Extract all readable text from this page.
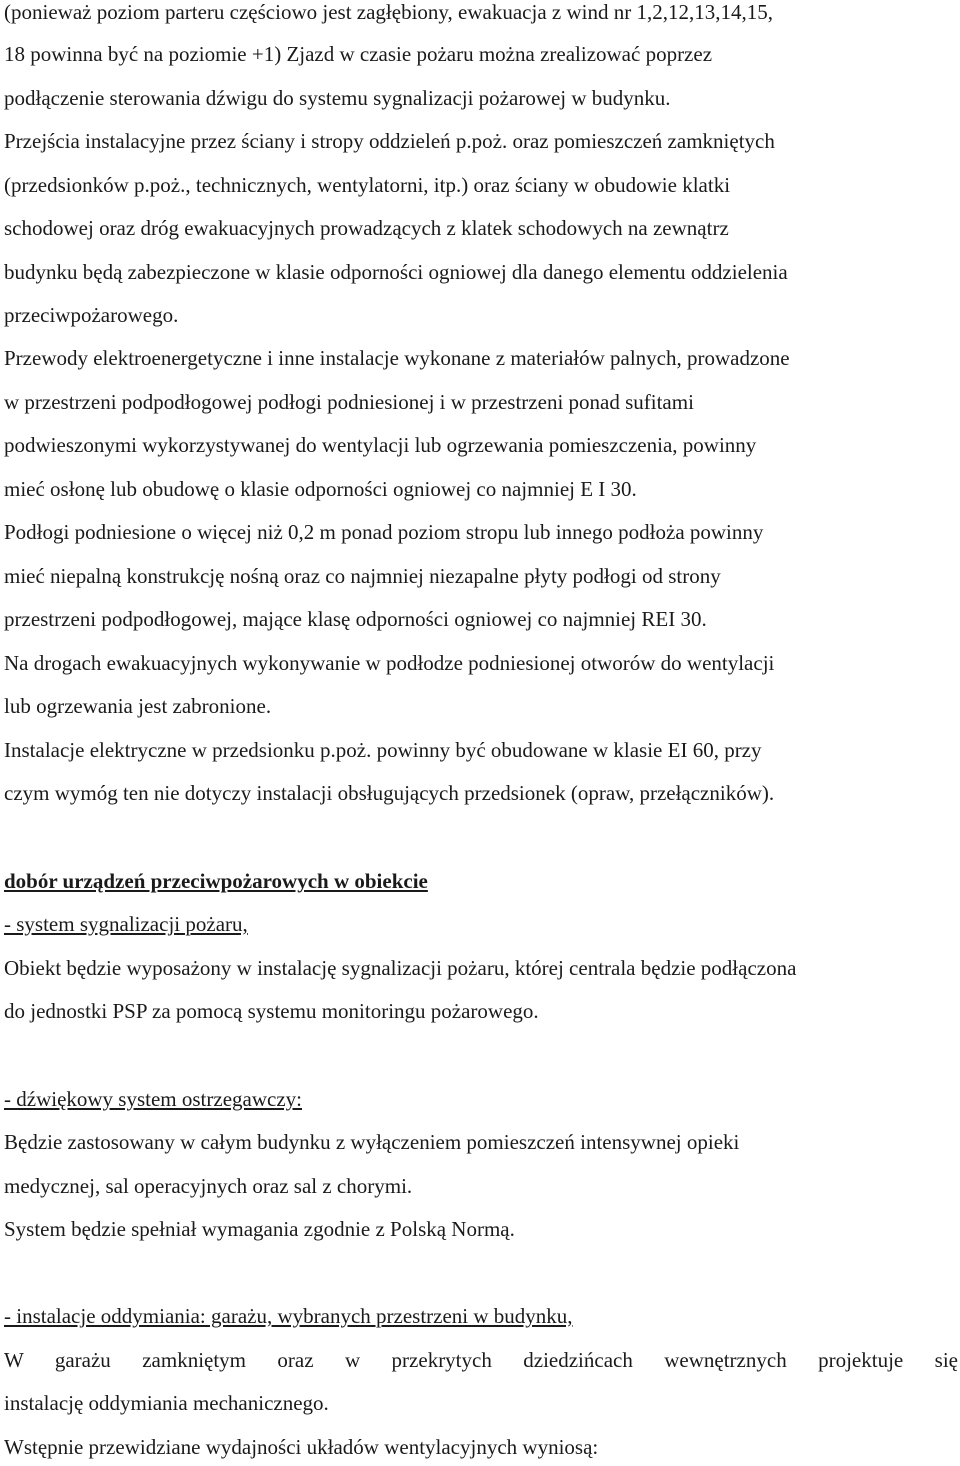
(ponieważ poziom parteru częściowo jest zagłębiony, ewakuacja z wind nr 1,2,12,13,14,15,
18 powinna być na poziomie +1) Zjazd w czasie pożaru można zrealizować poprzez
podłączenie sterowania dźwigu do systemu sygnalizacji pożarowej w budynku.
Przejścia instalacyjne przez ściany i stropy oddzieleń p.poż. oraz pomieszczeń zamkniętych
(przedsionków p.poż., technicznych, wentylatorni, itp.) oraz ściany w obudowie klatki
schodowej oraz dróg ewakuacyjnych prowadzących z klatek schodowych na zewnątrz
budynku będą zabezpieczone w klasie odporności ogniowej dla danego elementu oddzielenia
przeciwpożarowego.
Przewody elektroenergetyczne i inne instalacje wykonane z materiałów palnych, prowadzone
w przestrzeni podpodłogowej podłogi podniesionej i w przestrzeni ponad sufitami
podwieszonymi wykorzystywanej do wentylacji lub ogrzewania pomieszczenia, powinny
mieć osłonę lub obudowę o klasie odporności ogniowej co najmniej E I 30.
Podłogi podniesione o więcej niż 0,2 m ponad poziom stropu lub innego podłoża powinny
mieć niepalną konstrukcję nośną oraz co najmniej niezapalne płyty podłogi od strony
przestrzeni podpodłogowej, mające klasę odporności ogniowej co najmniej REI 30.
Na drogach ewakuacyjnych wykonywanie w podłodze podniesionej otworów do wentylacji
lub ogrzewania jest zabronione.
Instalacje elektryczne w przedsionku p.poż. powinny być obudowane w klasie EI 60, przy
czym wymóg ten nie dotyczy instalacji obsługujących przedsionek (opraw, przełączników).
dobór urządzeń przeciwpożarowych w obiekcie
- system sygnalizacji pożaru,
Obiekt będzie wyposażony w instalację sygnalizacji pożaru, której centrala będzie podłączona
do jednostki PSP za pomocą systemu monitoringu pożarowego.
- dźwiękowy system ostrzegawczy:
Będzie zastosowany w całym budynku z wyłączeniem pomieszczeń intensywnej opieki
medycznej, sal operacyjnych oraz sal z chorymi.
System będzie spełniał wymagania zgodnie z Polską Normą.
- instalacje oddymiania: garażu, wybranych przestrzeni w budynku,
W garażu zamkniętym oraz w przekrytych dziedzińcach wewnętrznych projektuje się
instalację oddymiania mechanicznego.
Wstępnie przewidziane wydajności układów wentylacyjnych wyniosą:
